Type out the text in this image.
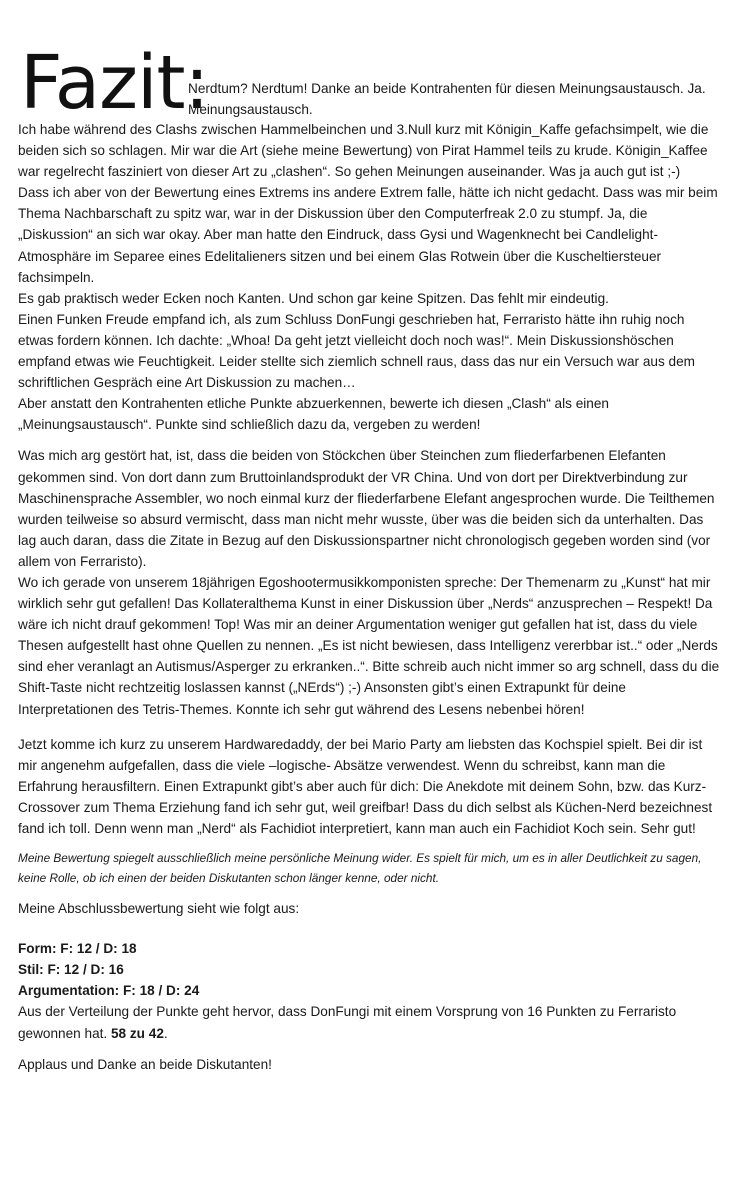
Fazit:
Nerdtum? Nerdtum! Danke an beide Kontrahenten für diesen Meinungsaustausch. Ja. Meinungsaustausch.

Ich habe während des Clashs zwischen Hammelbeinchen und 3.Null kurz mit Königin_Kaffe gefachsimpelt, wie die beiden sich so schlagen. Mir war die Art (siehe meine Bewertung) von Pirat Hammel teils zu krude. Königin_Kaffee war regelrecht fasziniert von dieser Art zu „clashen“. So gehen Meinungen auseinander. Was ja auch gut ist ;-)

Dass ich aber von der Bewertung eines Extrems ins andere Extrem falle, hätte ich nicht gedacht. Dass was mir beim Thema Nachbarschaft zu spitz war, war in der Diskussion über den Computerfreak 2.0 zu stumpf. Ja, die „Diskussion“ an sich war okay. Aber man hatte den Eindruck, dass Gysi und Wagenknecht bei Candlelight-Atmosphäre im Separee eines Edelitalieners sitzen und bei einem Glas Rotwein über die Kuscheltiersteuer fachsimpeln.

Es gab praktisch weder Ecken noch Kanten. Und schon gar keine Spitzen. Das fehlt mir eindeutig.

Einen Funken Freude empfand ich, als zum Schluss DonFungi geschrieben hat, Ferraristo hätte ihn ruhig noch etwas fordern können. Ich dachte: „Whoa! Da geht jetzt vielleicht doch noch was!“. Mein Diskussionshöschen empfand etwas wie Feuchtigkeit. Leider stellte sich ziemlich schnell raus, dass das nur ein Versuch war aus dem schriftlichen Gespräch eine Art Diskussion zu machen…

Aber anstatt den Kontrahenten etliche Punkte abzuerkennen, bewerte ich diesen „Clash“ als einen „Meinungsaustausch“. Punkte sind schließlich dazu da, vergeben zu werden!

Was mich arg gestört hat, ist, dass die beiden von Stöckchen über Steinchen zum fliederfarbenen Elefanten gekommen sind. Von dort dann zum Bruttoinlandsprodukt der VR China. Und von dort per Direktverbindung zur Maschinensprache Assembler, wo noch einmal kurz der fliederfarbene Elefant angesprochen wurde. Die Teilthemen wurden teilweise so absurd vermischt, dass man nicht mehr wusste, über was die beiden sich da unterhalten. Das lag auch daran, dass die Zitate in Bezug auf den Diskussionspartner nicht chronologisch gegeben worden sind (vor allem von Ferraristo).

Wo ich gerade von unserem 18jährigen Egoshootermusikkomponisten spreche: Der Themenarm zu „Kunst“ hat mir wirklich sehr gut gefallen! Das Kollateralthema Kunst in einer Diskussion über „Nerds“ anzusprechen – Respekt! Da wäre ich nicht drauf gekommen! Top! Was mir an deiner Argumentation weniger gut gefallen hat ist, dass du viele Thesen aufgestellt hast ohne Quellen zu nennen. „Es ist nicht bewiesen, dass Intelligenz vererbbar ist..“ oder „Nerds sind eher veranlagt an Autismus/Asperger zu erkranken..“. Bitte schreib auch nicht immer so arg schnell, dass du die Shift-Taste nicht rechtzeitig loslassen kannst („NErds“) ;-) Ansonsten gibt’s einen Extrapunkt für deine Interpretationen des Tetris-Themes. Konnte ich sehr gut während des Lesens nebenbei hören!

Jetzt komme ich kurz zu unserem Hardwaredaddy, der bei Mario Party am liebsten das Kochspiel spielt. Bei dir ist mir angenehm aufgefallen, dass die viele –logische- Absätze verwendest. Wenn du schreibst, kann man die Erfahrung herausfiltern. Einen Extrapunkt gibt’s aber auch für dich: Die Anekdote mit deinem Sohn, bzw. das Kurz-Crossover zum Thema Erziehung fand ich sehr gut, weil greifbar! Dass du dich selbst als Küchen-Nerd bezeichnest fand ich toll. Denn wenn man „Nerd“ als Fachidiot interpretiert, kann man auch ein Fachidiot Koch sein. Sehr gut!

Meine Bewertung spiegelt ausschließlich meine persönliche Meinung wider. Es spielt für mich, um es in aller Deutlichkeit zu sagen, keine Rolle, ob ich einen der beiden Diskutanten schon länger kenne, oder nicht.

Meine Abschlussbewertung sieht wie folgt aus:

Form: F: 12 / D: 18

Stil: F: 12 / D: 16

Argumentation: F: 18 / D: 24

Aus der Verteilung der Punkte geht hervor, dass DonFungi mit einem Vorsprung von 16 Punkten zu Ferraristo gewonnen hat. 58 zu 42.

Applaus und Danke an beide Diskutanten!
